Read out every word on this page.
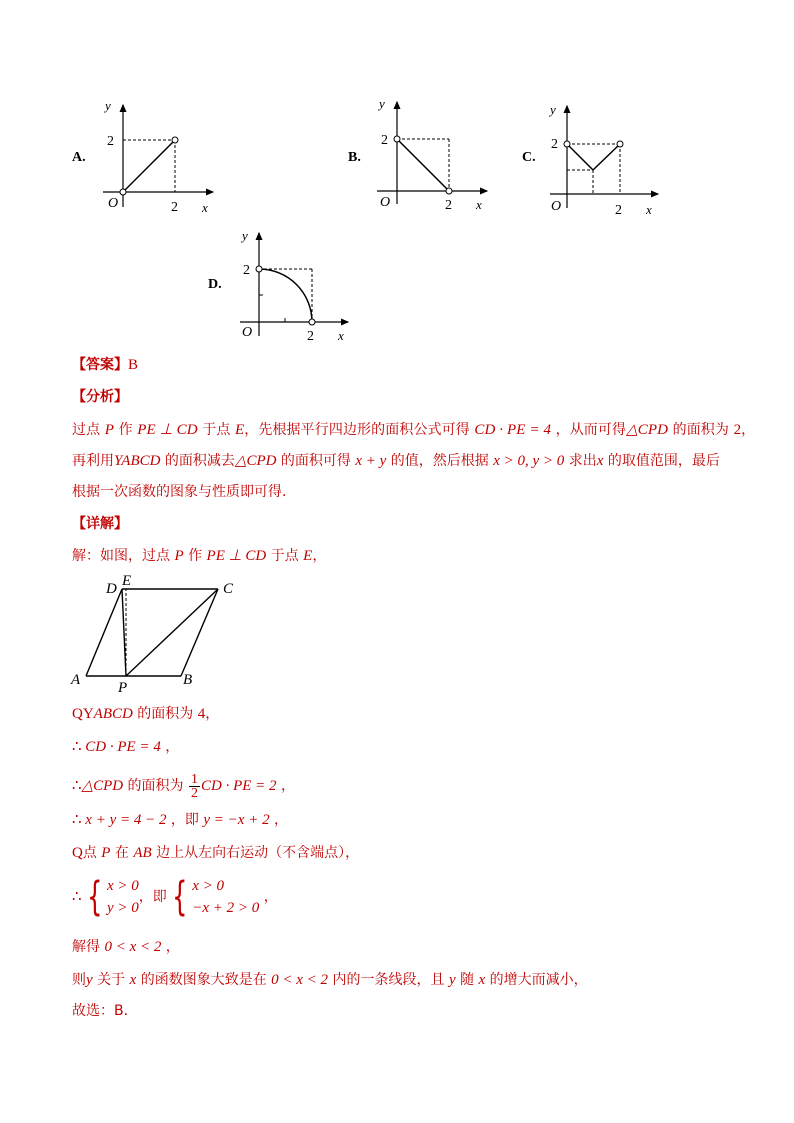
A.
y
2
O	2 x
B.
y
2
O	2 x
C.
y
2
O	2 x
D.
y
2
O	2 x
【答案】B
【分析】
过点 P 作 PE ⊥ CD 于点 E，先根据平行四边形的面积公式可得 CD · PE = 4 ，从而可得△CPD 的面积为 2，
再利用YABCD 的面积减去△CPD 的面积可得 x + y 的值，然后根据 x > 0, y > 0 求出x 的取值范围，最后
根据一次函数的图象与性质即可得．
【详解】
解：如图，过点 P 作 PE ⊥ CD 于点 E，
D E	C
A	P	B
QYABCD 的面积为 4，
∴ CD · PE = 4 ，
∴△CPD 的面积为 $\frac{1}{2}$ CD · PE = 2 ，
∴ x + y = 4 − 2 ，即 y = −x + 2 ，
Q点 P 在 AB 边上从左向右运动（不含端点），
∴ { x > 0
y > 0
，即 { x > 0
−x + 2 > 0
，
解得 0 < x < 2 ，
则y 关于 x 的函数图象大致是在 0 < x < 2 内的一条线段，且 y 随 x 的增大而减小，
故选：B．
